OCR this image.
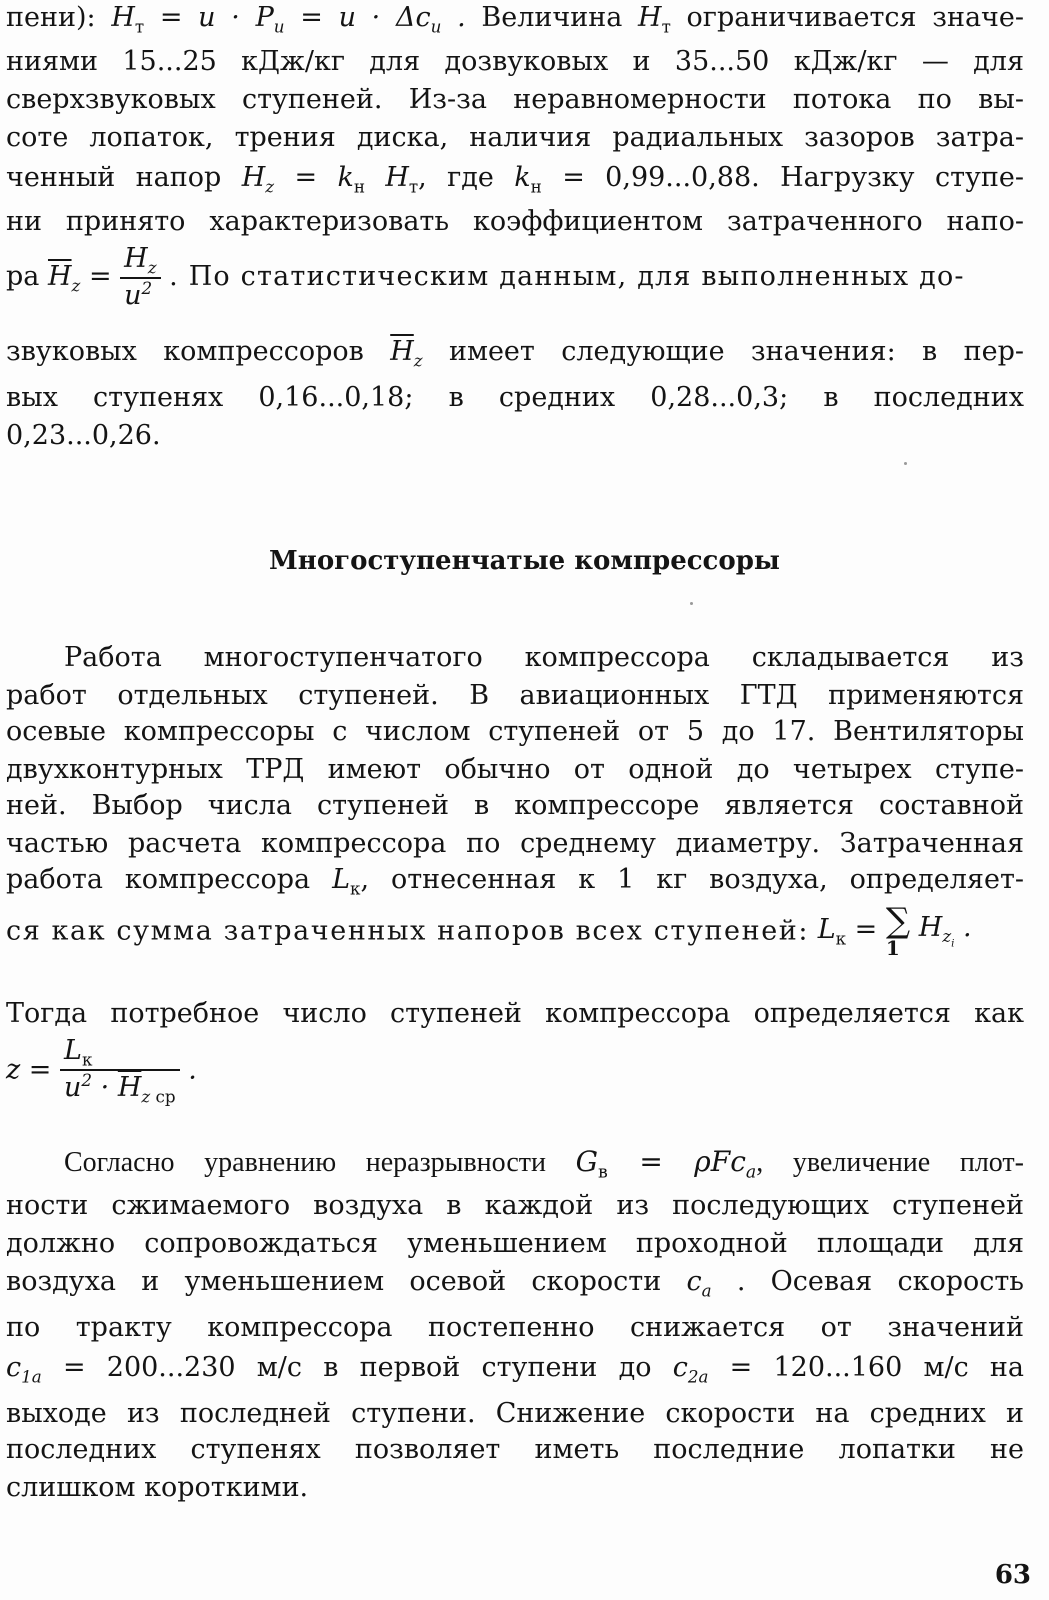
пени): $H_т = u \cdot P_u = u \cdot \Delta c_u$ . Величина $H_т$ ограничивается значе-
ниями 15...25 кДж/кг для дозвуковых и 35...50 кДж/кг — для
сверхзвуковых ступеней. Из-за неравномерности потока по вы-
соте лопаток, трения диска, наличия радиальных зазоров затра-
ченный напор $H_z = k_н$ $H_т$, где $k_н = 0,99...0,88$. Нагрузку ступе-
ни принято характеризовать коэффициентом затраченного напо-
ра $\overline{H}_z = \frac{H_z}{u^2}$ . По статистическим данным, для выполненных до-
звуковых компрессоров $\overline{H}_z$ имеет следующие значения: в пер-
вых ступенях 0,16...0,18; в средних 0,28...0,3; в последних
0,23...0,26.
Многоступенчатые компрессоры
Работа многоступенчатого компрессора складывается из
работ отдельных ступеней. В авиационных ГТД применяются
осевые компрессоры с числом ступеней от 5 до 17. Вентиляторы
двухконтурных ТРД имеют обычно от одной до четырех ступе-
ней. Выбор числа ступеней в компрессоре является составной
частью расчета компрессора по среднему диаметру. Затраченная
работа компрессора $L_к$, отнесенная к 1 кг воздуха, определяет-
ся как сумма затраченных напоров всех ступеней: $L_к$ = ∑
1
$H_{z_i}$ .
Тогда потребное число ступеней компрессора определяется как
$z = \frac{L_к}{u^2 \cdot \overline{H}_{z ср}}$ .
Согласно уравнению неразрывности $G_в = \rho Fc_a$, увеличение плот-
ности сжимаемого воздуха в каждой из последующих ступеней
должно сопровождаться уменьшением проходной площади для
воздуха и уменьшением осевой скорости $c_a$ . Осевая скорость
по тракту компрессора постепенно снижается от значений
$c_{1a} = 200...230$ м/с в первой ступени до $c_{2a} = 120...160$ м/с на
выходе из последней ступени. Снижение скорости на средних и
последних ступенях позволяет иметь последние лопатки не
слишком короткими.
63
